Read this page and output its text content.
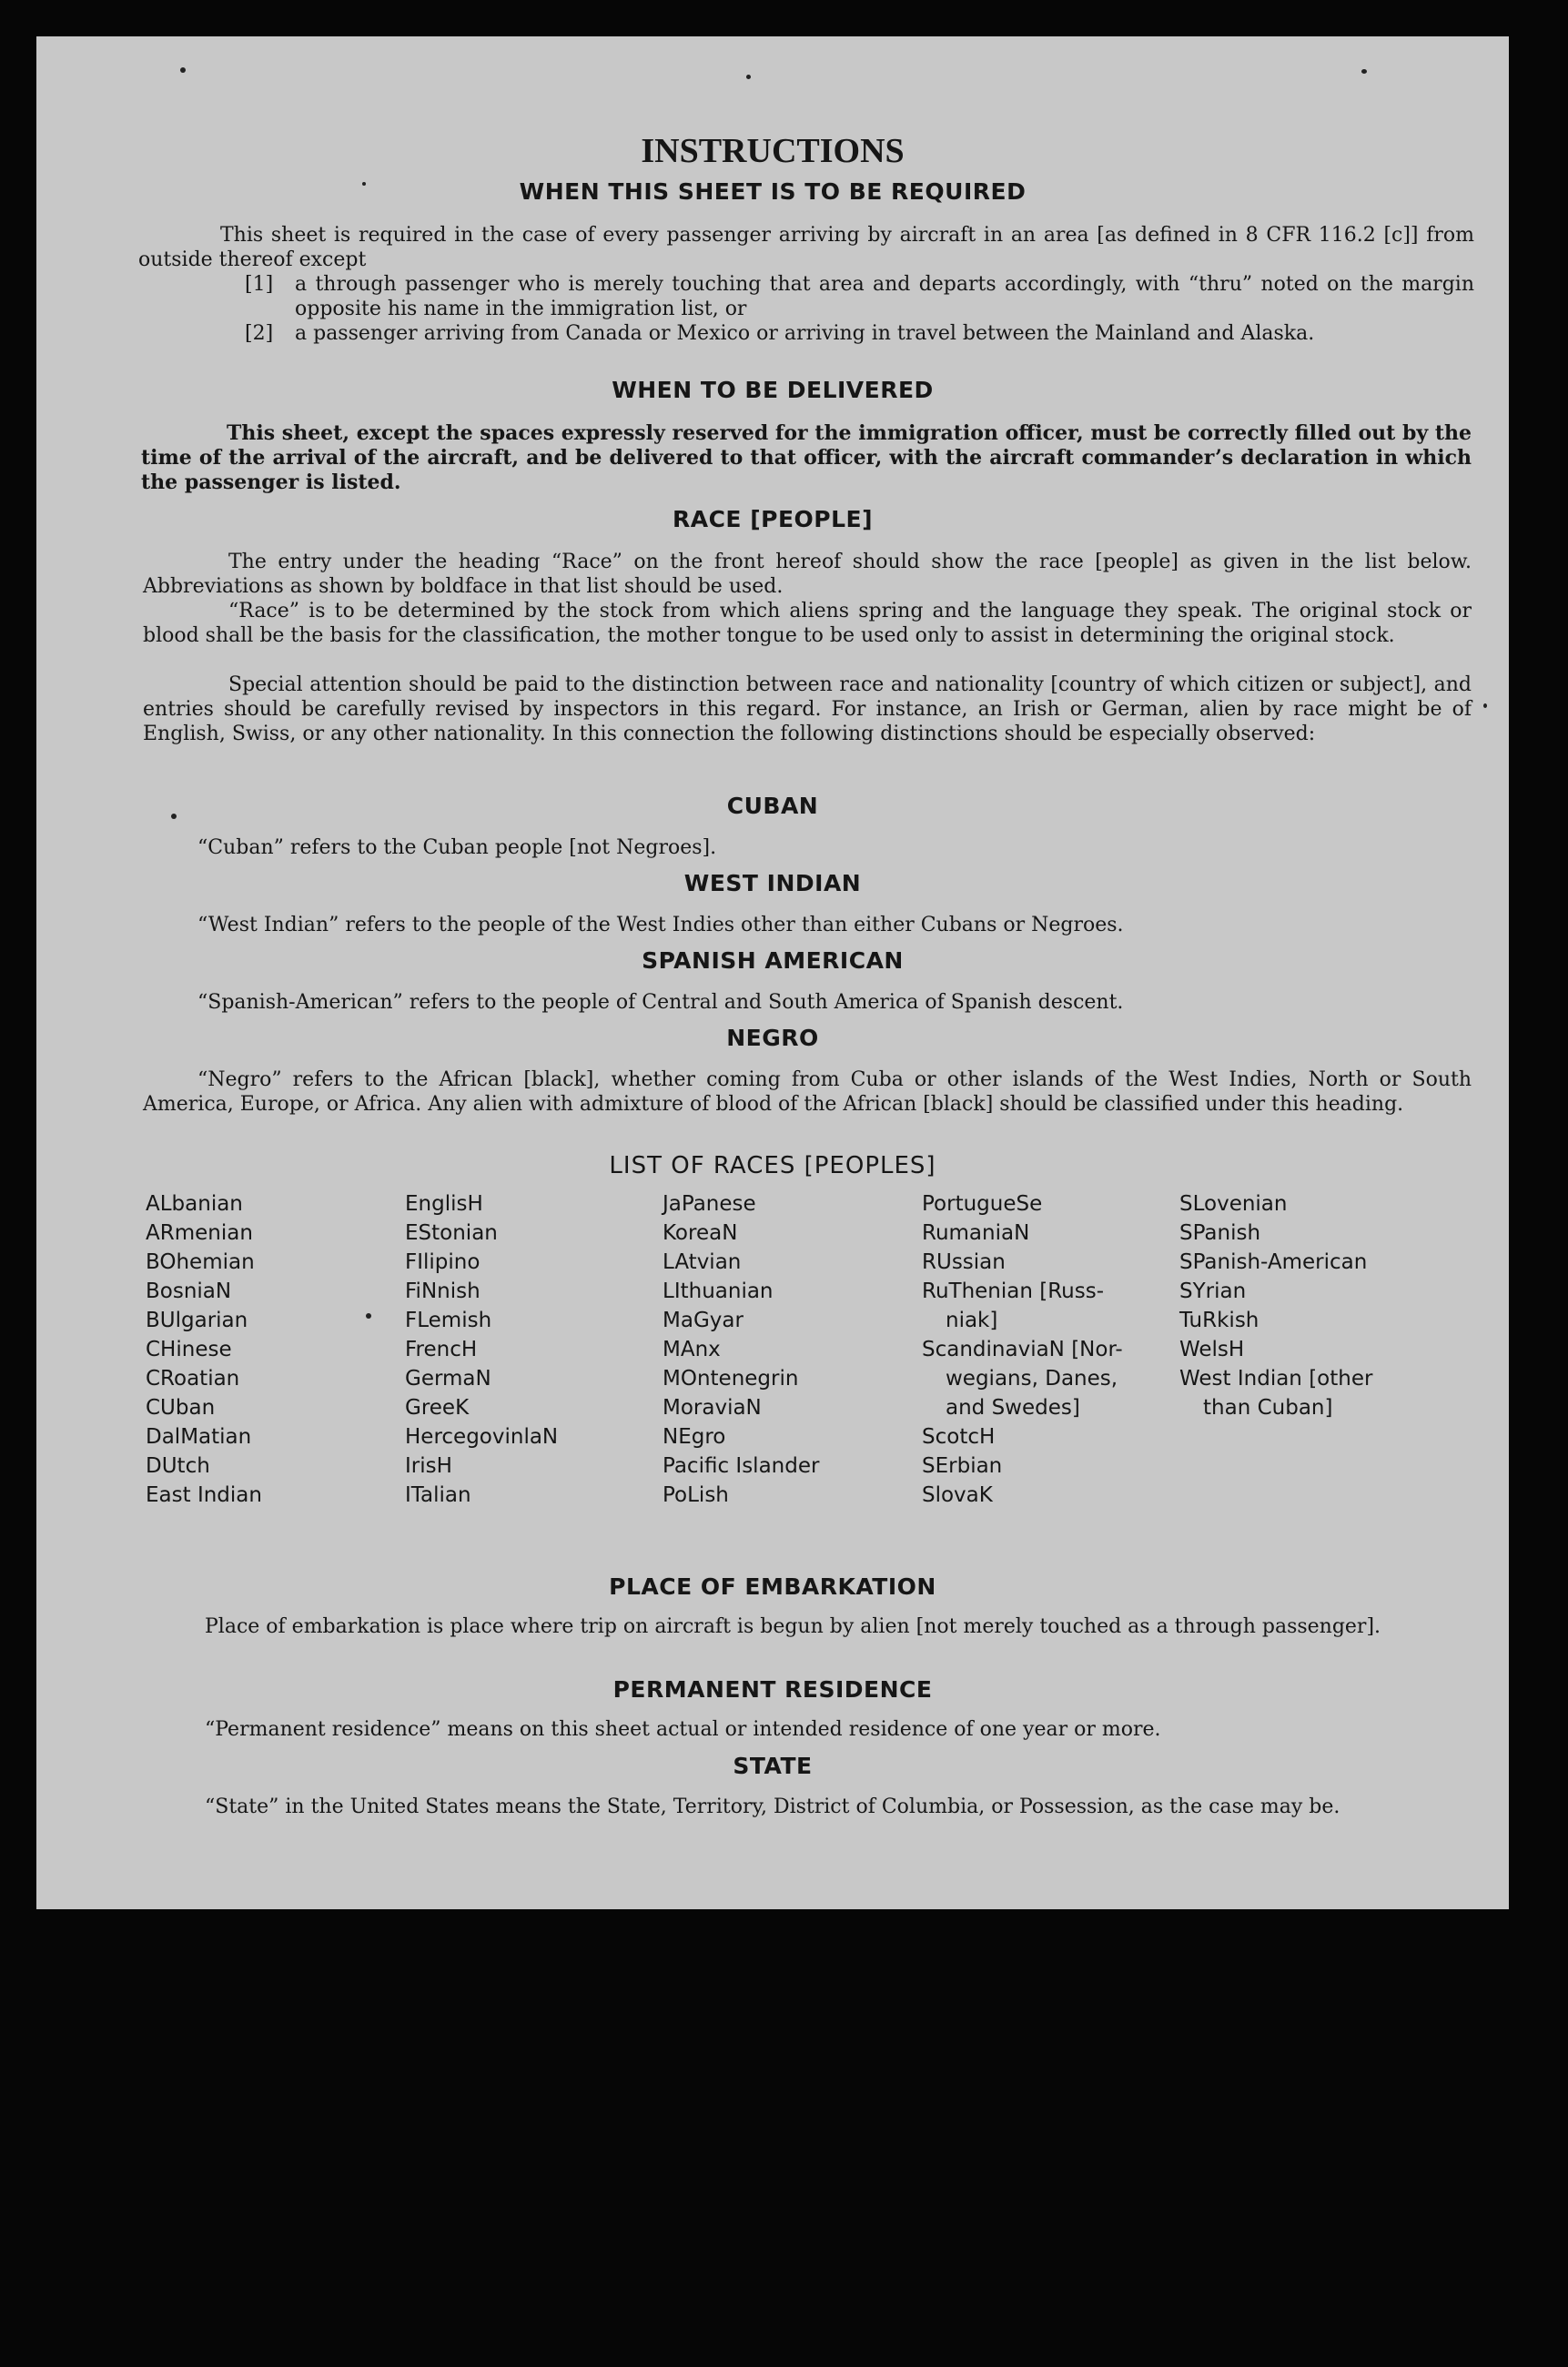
INSTRUCTIONS
WHEN THIS SHEET IS TO BE REQUIRED
This sheet is required in the case of every passenger arriving by aircraft in an area [as defined in 8 CFR 116.2 [c]] from outside thereof except
[1] a through passenger who is merely touching that area and departs accordingly, with “thru” noted on the margin opposite his name in the immigration list, or
[2] a passenger arriving from Canada or Mexico or arriving in travel between the Mainland and Alaska.
WHEN TO BE DELIVERED
This sheet, except the spaces expressly reserved for the immigration officer, must be correctly filled out by the time of the arrival of the aircraft, and be delivered to that officer, with the aircraft commander’s declaration in which the passenger is listed.
RACE [PEOPLE]
The entry under the heading “Race” on the front hereof should show the race [people] as given in the list below. Abbreviations as shown by boldface in that list should be used.
“Race” is to be determined by the stock from which aliens spring and the language they speak. The original stock or blood shall be the basis for the classification, the mother tongue to be used only to assist in determining the original stock.
Special attention should be paid to the distinction between race and nationality [country of which citizen or subject], and entries should be carefully revised by inspectors in this regard. For instance, an Irish or German, alien by race might be of English, Swiss, or any other nationality. In this connection the following distinctions should be especially observed:
CUBAN
“Cuban” refers to the Cuban people [not Negroes].
WEST INDIAN
“West Indian” refers to the people of the West Indies other than either Cubans or Negroes.
SPANISH AMERICAN
“Spanish-American” refers to the people of Central and South America of Spanish descent.
NEGRO
“Negro” refers to the African [black], whether coming from Cuba or other islands of the West Indies, North or South America, Europe, or Africa. Any alien with admixture of blood of the African [black] should be classified under this heading.
LIST OF RACES [PEOPLES]
ALbanian
ARmenian
BOhemian
BosniaN
BUlgarian
CHinese
CRoatian
CUban
DalMatian
DUtch
East Indian
EnglisH
EStonian
FIlipino
FiNnish
FLemish
FrencH
GermaN
GreeK
HercegovinlaN
IrisH
ITalian
JaPanese
KoreaN
LAtvian
LIthuanian
MaGyar
MAnx
MOntenegrin
MoraviaN
NEgro
Pacific Islander
PoLish
PortugueSe
RumaniaN
RUssian
RuThenian [Russ-
niak]
ScandinaviaN [Nor-
wegians, Danes,
and Swedes]
ScotcH
SErbian
SlovaK
SLovenian
SPanish
SPanish-American
SYrian
TuRkish
WelsH
West Indian [other
than Cuban]
PLACE OF EMBARKATION
Place of embarkation is place where trip on aircraft is begun by alien [not merely touched as a through passenger].
PERMANENT RESIDENCE
“Permanent residence” means on this sheet actual or intended residence of one year or more.
STATE
“State” in the United States means the State, Territory, District of Columbia, or Possession, as the case may be.
